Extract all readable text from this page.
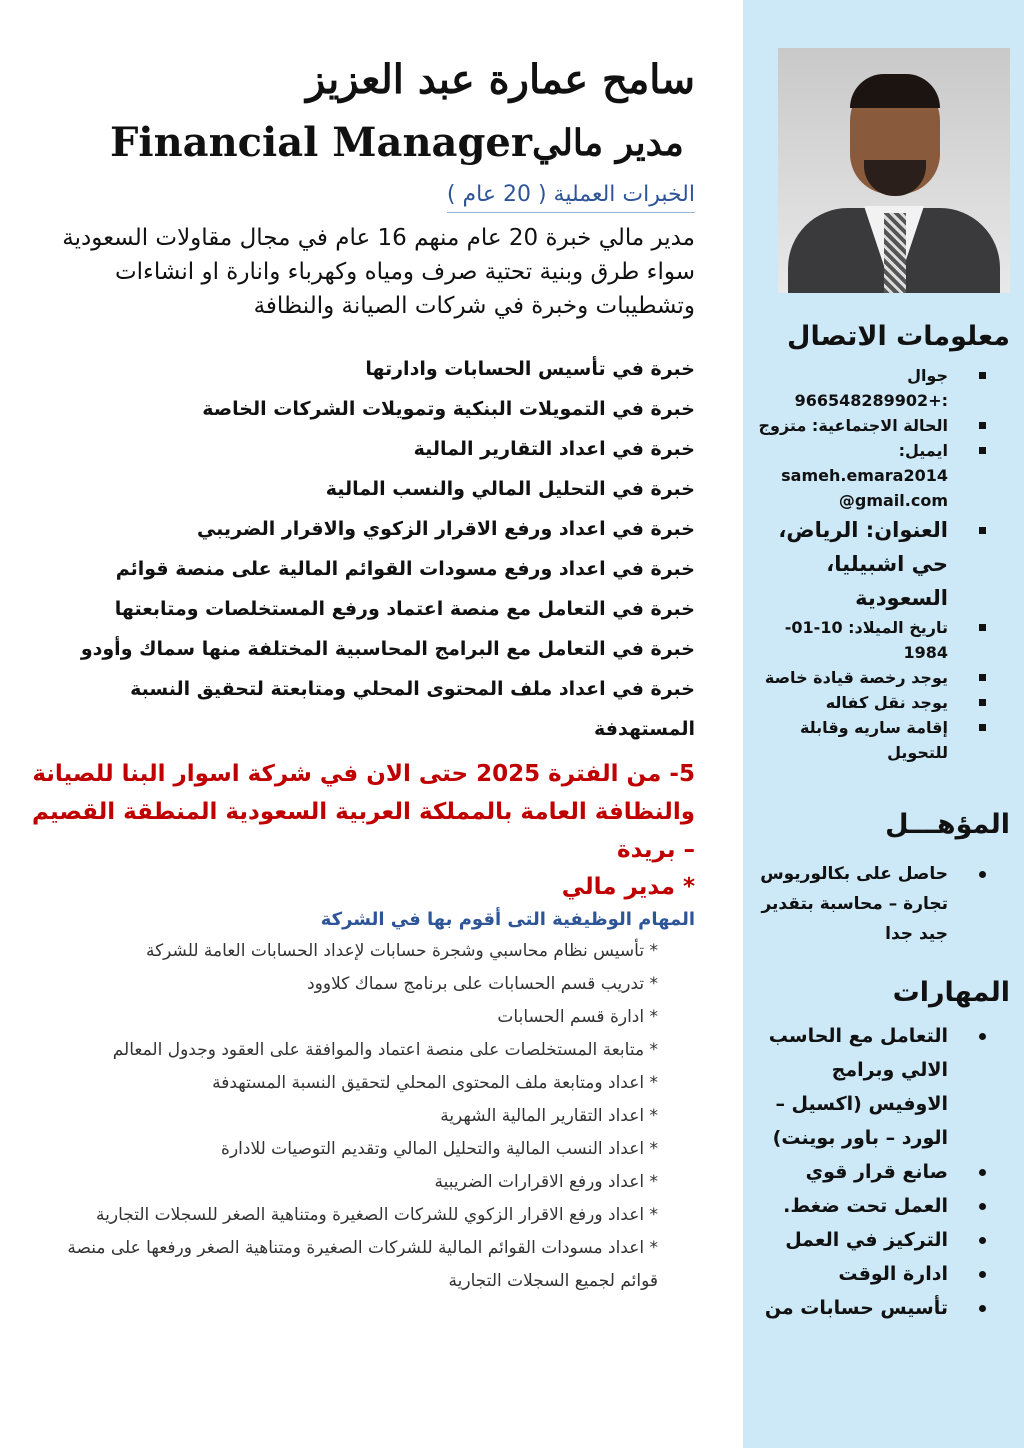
سامح عمارة عبد العزيز
Financial Manager مدير مالي
الخبرات العملية ( 20 عام )
مدير مالي خبرة 20 عام منهم 16 عام في مجال مقاولات السعودية سواء طرق وبنية تحتية صرف ومياه وكهرباء وانارة او انشاءات وتشطيبات وخبرة في شركات الصيانة والنظافة
خبرة في تأسيس الحسابات وادارتها
خبرة في التمويلات البنكية وتمويلات الشركات الخاصة
خبرة في اعداد التقارير المالية
خبرة في التحليل المالي والنسب المالية
خبرة في اعداد ورفع الاقرار الزكوي والاقرار الضريبي
خبرة في اعداد ورفع مسودات القوائم المالية على منصة قوائم
خبرة في التعامل مع منصة اعتماد ورفع المستخلصات ومتابعتها
خبرة في التعامل مع البرامج المحاسبية المختلفة منها سماك وأودو
خبرة في اعداد ملف المحتوى المحلي ومتابعتة لتحقيق النسبة المستهدفة
5- من الفترة 2025 حتى الان في شركة اسوار البنا للصيانة والنظافة العامة بالمملكة العربية السعودية المنطقة القصيم – بريدة
* مدير مالي
المهام الوظيفية التى أقوم بها في الشركة
* تأسيس نظام محاسبي وشجرة حسابات لإعداد الحسابات العامة للشركة
* تدريب قسم الحسابات على برنامج سماك كلاوود
* ادارة قسم الحسابات
* متابعة المستخلصات على منصة اعتماد والموافقة على العقود وجدول المعالم
* اعداد ومتابعة ملف المحتوى المحلي لتحقيق النسبة المستهدفة
* اعداد التقارير المالية الشهرية
* اعداد النسب المالية والتحليل المالي وتقديم التوصيات للادارة
* اعداد ورفع الاقرارات الضريبية
* اعداد ورفع الاقرار الزكوي للشركات الصغيرة ومتناهية الصغر للسجلات التجارية
* اعداد مسودات القوائم المالية للشركات الصغيرة ومتناهية الصغر ورفعها على منصة قوائم لجميع السجلات التجارية
معلومات الاتصال
جوال :+966548289902
الحالة الاجتماعية: متزوج
ايميل: sameh.emara2014 @gmail.com
العنوان: الرياض، حي اشبيليا، السعودية
تاريخ الميلاد: 10-01-1984
يوجد رخصة قيادة خاصة
يوجد نقل كفاله
إقامة ساريه وقابلة للتحويل
المؤهـــل
حاصل على بكالوريوس تجارة – محاسبة بتقدير جيد جدا
المهارات
التعامل مع الحاسب الالي وبرامج الاوفيس (اكسيل – الورد – باور بوينت)
صانع قرار قوي
العمل تحت ضغط.
التركيز في العمل
ادارة الوقت
تأسيس حسابات من
